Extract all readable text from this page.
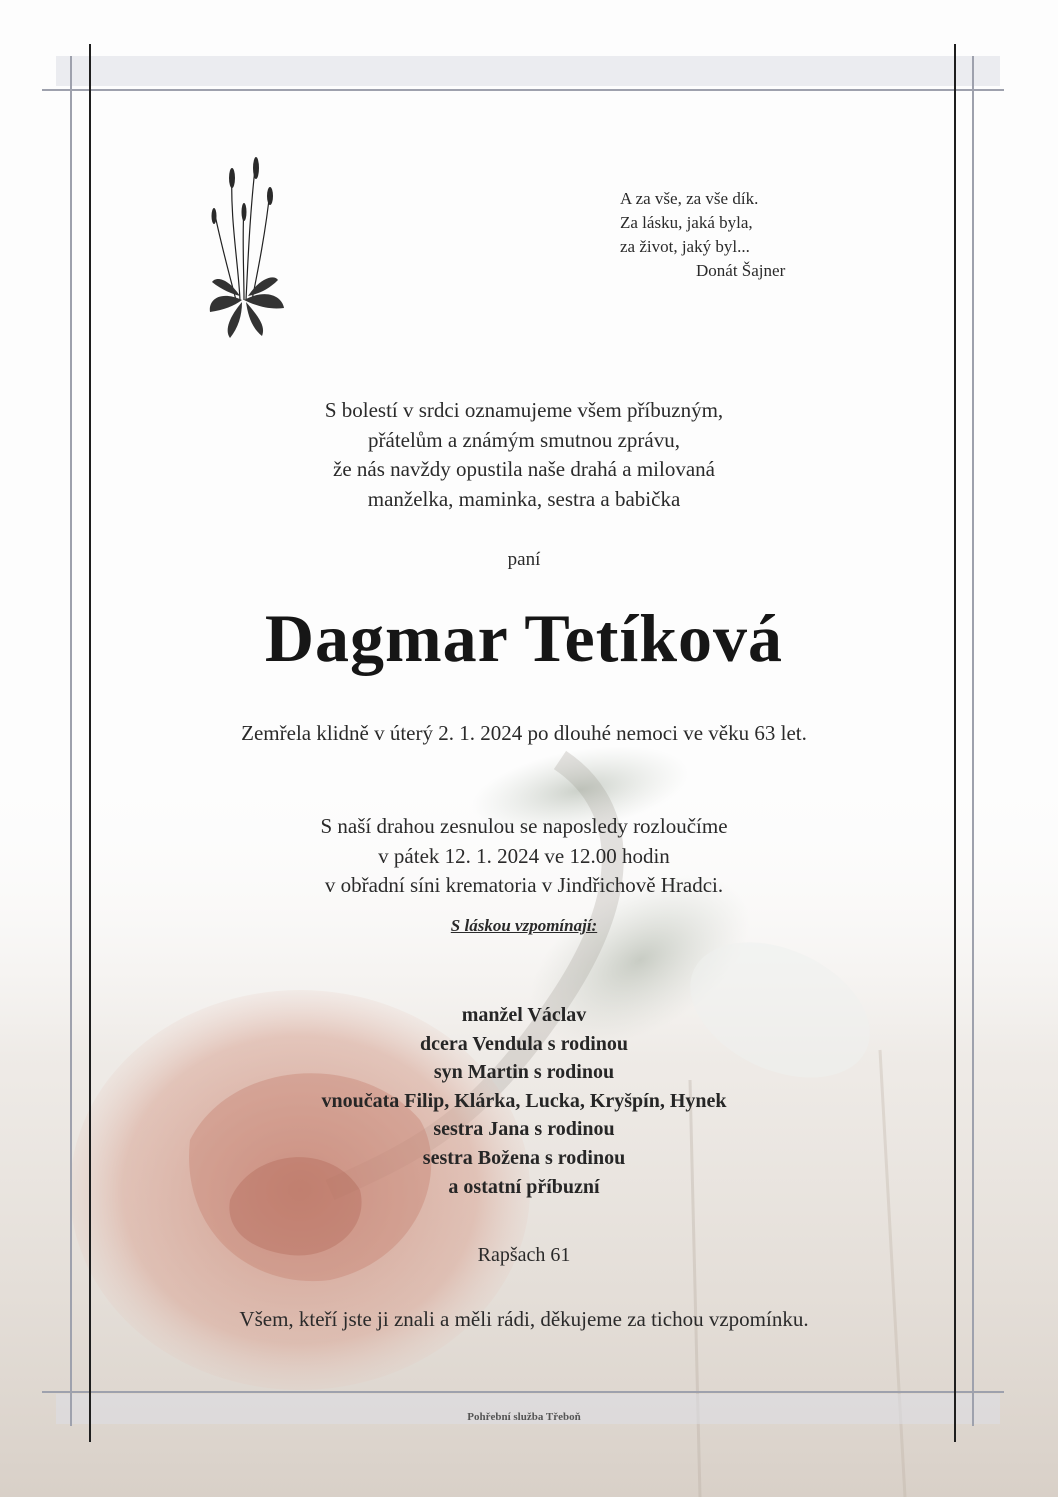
A za vše, za vše dík.
Za lásku, jaká byla,
za život, jaký byl...
Donát Šajner
S bolestí v srdci oznamujeme všem příbuzným,
přátelům a známým smutnou zprávu,
že nás navždy opustila naše drahá a milovaná
manželka, maminka, sestra a babička
paní
Dagmar Tetíková
Zemřela klidně v úterý 2. 1. 2024 po dlouhé nemoci ve věku 63 let.
S naší drahou zesnulou se naposledy rozloučíme
v pátek 12. 1. 2024 ve 12.00 hodin
v obřadní síni krematoria v Jindřichově Hradci.
S láskou vzpomínají:
manžel Václav
dcera Vendula s rodinou
syn Martin s rodinou
vnoučata Filip, Klárka, Lucka, Kryšpín, Hynek
sestra Jana s rodinou
sestra Božena s rodinou
a ostatní příbuzní
Rapšach 61
Všem, kteří jste ji znali a měli rádi, děkujeme za tichou vzpomínku.
Pohřební služba Třeboň
